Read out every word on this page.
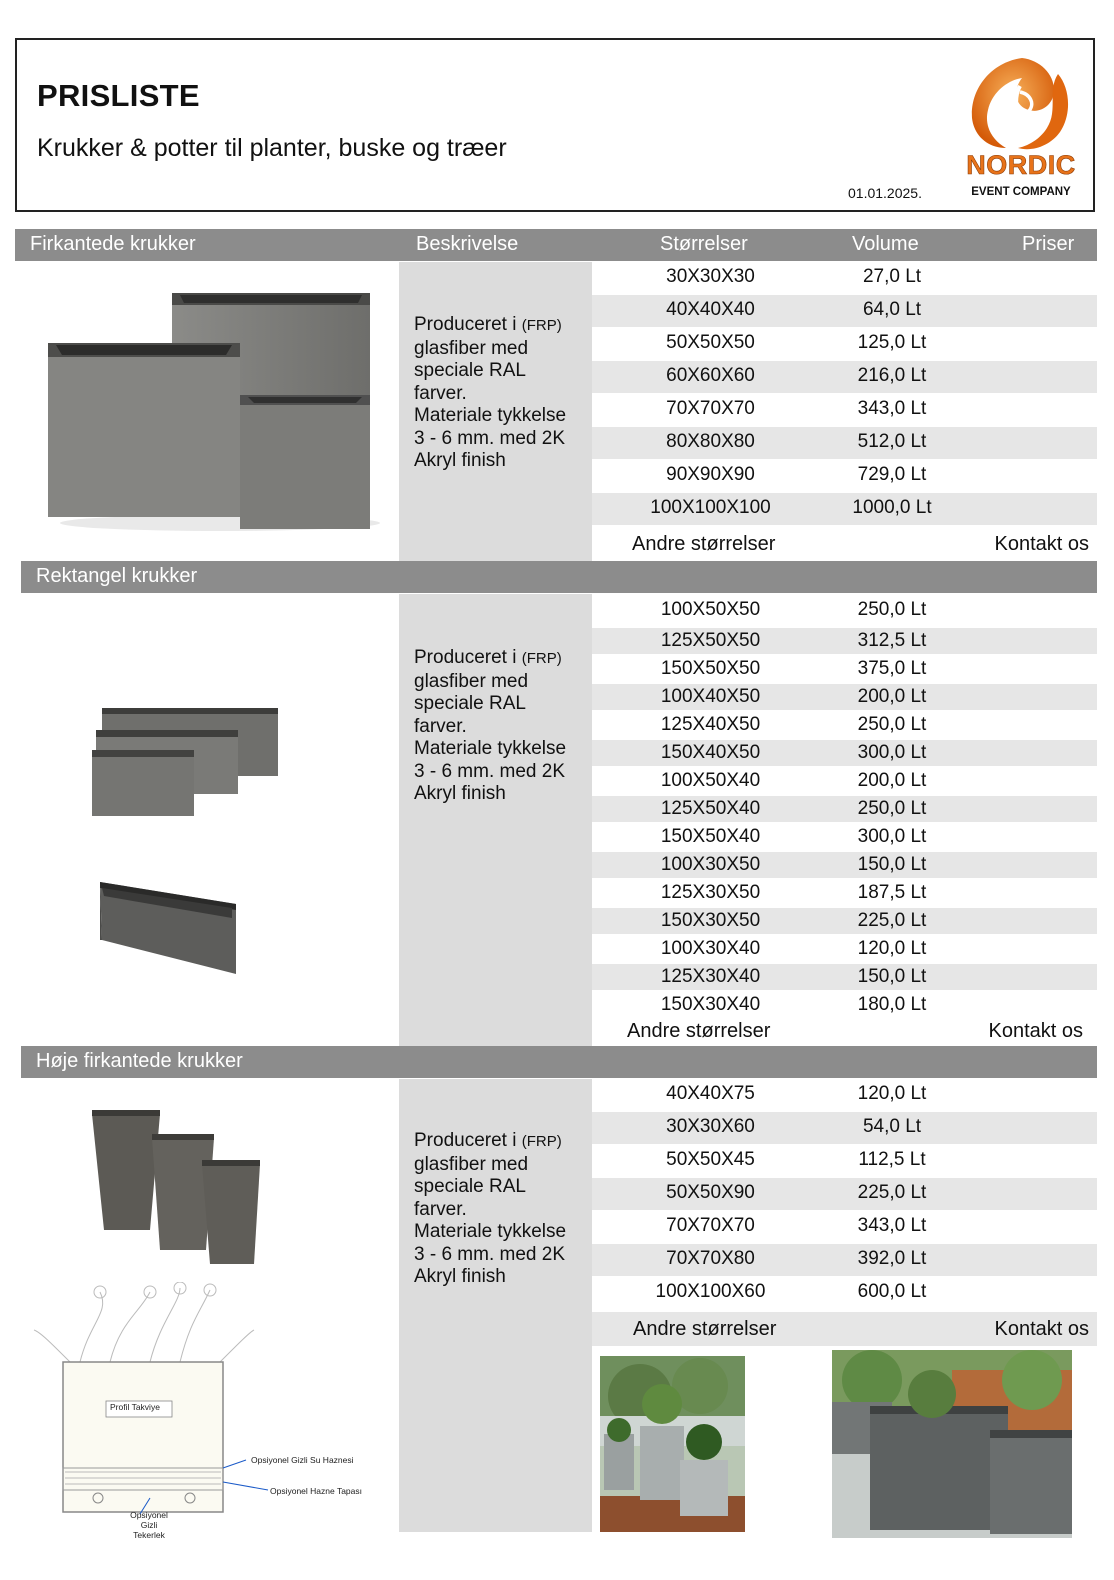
PRISLISTE
Krukker & potter til planter, buske og træer
01.01.2025.
NORDIC
EVENT COMPANY
Firkantede krukker	Beskrivelse	Størrelser	Volume	Priser
Produceret i (FRP)
glasfiber med
speciale RAL
farver.
Materiale tykkelse
3 - 6 mm. med 2K
Akryl finish
30X30X30	27,0 Lt
40X40X40	64,0 Lt
50X50X50	125,0 Lt
60X60X60	216,0 Lt
70X70X70	343,0 Lt
80X80X80	512,0 Lt
90X90X90	729,0 Lt
100X100X100	1000,0 Lt
Andre størrelser	Kontakt os
Rektangel krukker
Produceret i (FRP)
glasfiber med
speciale RAL
farver.
Materiale tykkelse
3 - 6 mm. med 2K
Akryl finish
100X50X50	250,0 Lt
125X50X50	312,5 Lt
150X50X50	375,0 Lt
100X40X50	200,0 Lt
125X40X50	250,0 Lt
150X40X50	300,0 Lt
100X50X40	200,0 Lt
125X50X40	250,0 Lt
150X50X40	300,0 Lt
100X30X50	150,0 Lt
125X30X50	187,5 Lt
150X30X50	225,0 Lt
100X30X40	120,0 Lt
125X30X40	150,0 Lt
150X30X40	180,0 Lt
Andre størrelser	Kontakt os
Høje firkantede krukker
Produceret i (FRP)
glasfiber med
speciale RAL
farver.
Materiale tykkelse
3 - 6 mm. med 2K
Akryl finish
40X40X75	120,0 Lt
30X30X60	54,0 Lt
50X50X45	112,5 Lt
50X50X90	225,0 Lt
70X70X70	343,0 Lt
70X70X80	392,0 Lt
100X100X60	600,0 Lt
Andre størrelser	Kontakt os
Profil Takviye
Opsiyonel Gizli Su Haznesi
Opsiyonel Hazne Tapası
Opsiyonel
Gizli
Tekerlek
